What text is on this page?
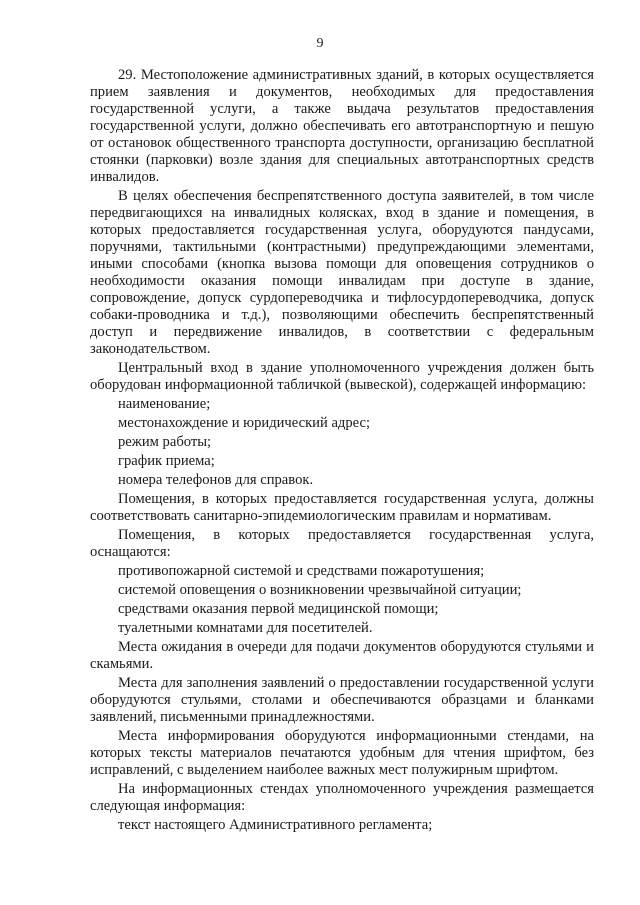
9

29. Местоположение административных зданий, в которых осуществляется прием заявления и документов, необходимых для предоставления государственной услуги, а также выдача результатов предоставления государственной услуги, должно обеспечивать его автотранспортную и пешую от остановок общественного транспорта доступности, организацию бесплатной стоянки (парковки) возле здания для специальных автотранспортных средств инвалидов.

В целях обеспечения беспрепятственного доступа заявителей, в том числе передвигающихся на инвалидных колясках, вход в здание и помещения, в которых предоставляется государственная услуга, оборудуются пандусами, поручнями, тактильными (контрастными) предупреждающими элементами, иными способами (кнопка вызова помощи для оповещения сотрудников о необходимости оказания помощи инвалидам при доступе в здание, сопровождение, допуск сурдопереводчика и тифлосурдопереводчика, допуск собаки-проводника и т.д.), позволяющими обеспечить беспрепятственный доступ и передвижение инвалидов, в соответствии с федеральным законодательством.

Центральный вход в здание уполномоченного учреждения должен быть оборудован информационной табличкой (вывеской), содержащей информацию:

наименование;

местонахождение и юридический адрес;

режим работы;

график приема;

номера телефонов для справок.

Помещения, в которых предоставляется государственная услуга, должны соответствовать санитарно-эпидемиологическим правилам и нормативам.

Помещения, в которых предоставляется государственная услуга, оснащаются:

противопожарной системой и средствами пожаротушения;

системой оповещения о возникновении чрезвычайной ситуации;

средствами оказания первой медицинской помощи;

туалетными комнатами для посетителей.

Места ожидания в очереди для подачи документов оборудуются стульями и скамьями.

Места для заполнения заявлений о предоставлении государственной услуги оборудуются стульями, столами и обеспечиваются образцами и бланками заявлений, письменными принадлежностями.

Места информирования оборудуются информационными стендами, на которых тексты материалов печатаются удобным для чтения шрифтом, без исправлений, с выделением наиболее важных мест полужирным шрифтом.

На информационных стендах уполномоченного учреждения размещается следующая информация:

текст настоящего Административного регламента;
